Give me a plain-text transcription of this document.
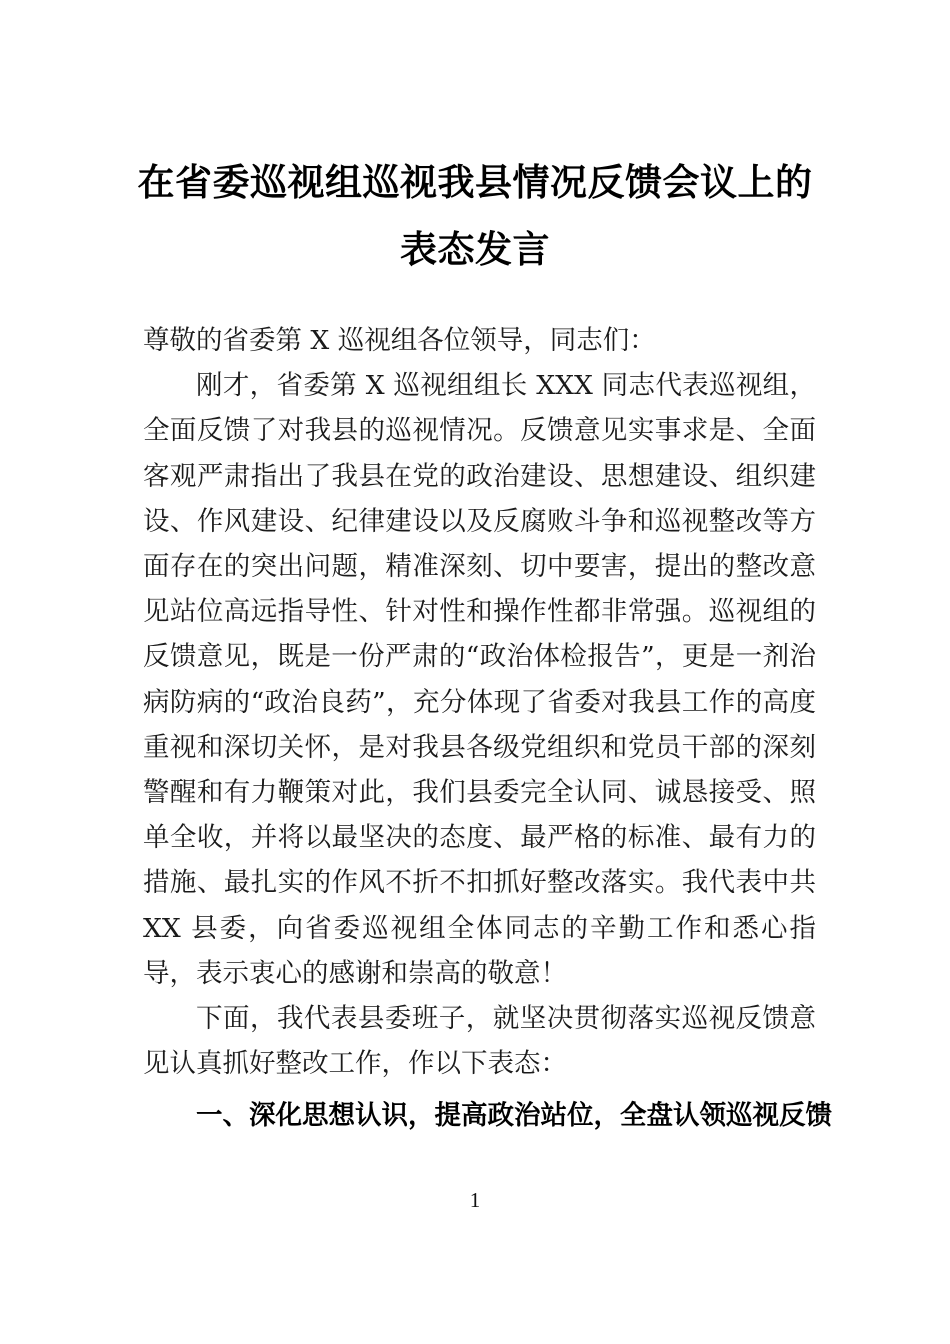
在省委巡视组巡视我县情况反馈会议上的
表态发言

尊敬的省委第 X 巡视组各位领导，同志们：

刚才，省委第 X 巡视组组长 XXX 同志代表巡视组，全面反馈了对我县的巡视情况。反馈意见实事求是、全面客观严肃指出了我县在党的政治建设、思想建设、组织建设、作风建设、纪律建设以及反腐败斗争和巡视整改等方面存在的突出问题，精准深刻、切中要害，提出的整改意见站位高远指导性、针对性和操作性都非常强。巡视组的反馈意见，既是一份严肃的“政治体检报告”，更是一剂治病防病的“政治良药”，充分体现了省委对我县工作的高度重视和深切关怀，是对我县各级党组织和党员干部的深刻警醒和有力鞭策对此，我们县委完全认同、诚恳接受、照单全收，并将以最坚决的态度、最严格的标准、最有力的措施、最扎实的作风不折不扣抓好整改落实。我代表中共 XX 县委，向省委巡视组全体同志的辛勤工作和悉心指导，表示衷心的感谢和崇高的敬意！

下面，我代表县委班子，就坚决贯彻落实巡视反馈意见认真抓好整改工作，作以下表态：

一、深化思想认识，提高政治站位，全盘认领巡视反馈

1
